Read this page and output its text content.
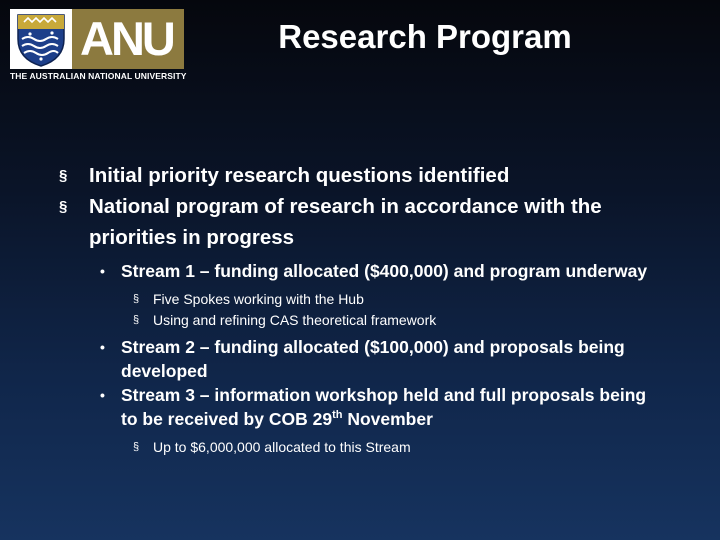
ANU
THE AUSTRALIAN NATIONAL UNIVERSITY
Research Program
§ Initial priority research questions identified
§ National program of research in accordance with the priorities in progress
• Stream 1 – funding allocated ($400,000) and program underway
§ Five Spokes working with the Hub
§ Using and refining CAS theoretical framework
• Stream 2 – funding allocated ($100,000) and proposals being developed
• Stream 3 – information workshop held and full proposals being to be received by COB 29th November
§ Up to $6,000,000 allocated to this Stream
